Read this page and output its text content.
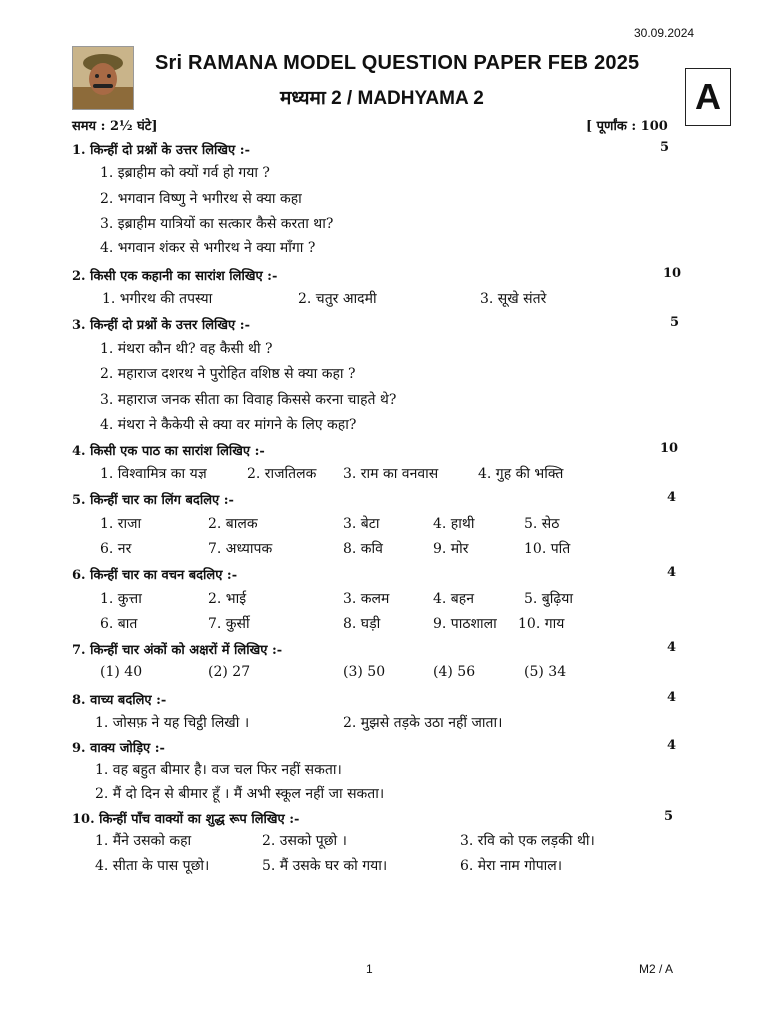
30.09.2024
Sri RAMANA MODEL QUESTION PAPER FEB 2025
मध्यमा 2 / MADHYAMA 2	A
समय : 2½ घंटे]	[ पूर्णांक : 100
1. किन्हीं दो प्रश्नों के उत्तर लिखिए :-	5
1. इब्राहीम को क्यों गर्व हो गया ?
2. भगवान विष्णु ने भगीरथ से क्या कहा
3. इब्राहीम यात्रियों का सत्कार कैसे करता था?
4. भगवान शंकर से भगीरथ ने क्या माँगा ?
2. किसी एक कहानी का सारांश लिखिए :-	10
1. भगीरथ की तपस्या	2. चतुर आदमी	3. सूखे संतरे
3. किन्हीं दो प्रश्नों के उत्तर लिखिए :-	5
1. मंथरा कौन थी? वह कैसी थी ?
2. महाराज दशरथ ने पुरोहित वशिष्ठ से क्या कहा ?
3. महाराज जनक सीता का विवाह किससे करना चाहते थे?
4. मंथरा ने कैकेयी से क्या वर मांगने के लिए कहा?
4. किसी एक पाठ का सारांश लिखिए :-	10
1. विश्वामित्र का यज्ञ	2. राजतिलक 3. राम का वनवास	4. गुह की भक्ति
5. किन्हीं चार का लिंग बदलिए :-	4
1. राजा	2. बालक	3. बेटा	4. हाथी	5. सेठ
6. नर	7. अध्यापक	8. कवि	9. मोर	10. पति
6. किन्हीं चार का वचन बदलिए :-	4
1. कुत्ता	2. भाई	3. कलम	4. बहन	5. बुढ़िया
6. बात	7. कुर्सी	8. घड़ी	9. पाठशाला 10. गाय
7. किन्हीं चार अंकों को अक्षरों में लिखिए :-	4
(1) 40	(2) 27	(3) 50	(4) 56	(5) 34
8. वाच्य बदलिए :-	4
1. जोसफ़ ने यह चिट्ठी लिखी ।	2. मुझसे तड़के उठा नहीं जाता।
9. वाक्य जोड़िए :-	4
1. वह बहुत बीमार है। वज चल फिर नहीं सकता।
2. मैं दो दिन से बीमार हूँ । मैं अभी स्कूल नहीं जा सकता।
10. किन्हीं पाँच वाक्यों का शुद्ध रूप लिखिए :-	5
1. मैंने उसको कहा	2. उसको पूछो ।	3. रवि को एक लड़की थी।
4. सीता के पास पूछो।	5. मैं उसके घर को गया।	6. मेरा नाम गोपाल।
1	M2 / A
